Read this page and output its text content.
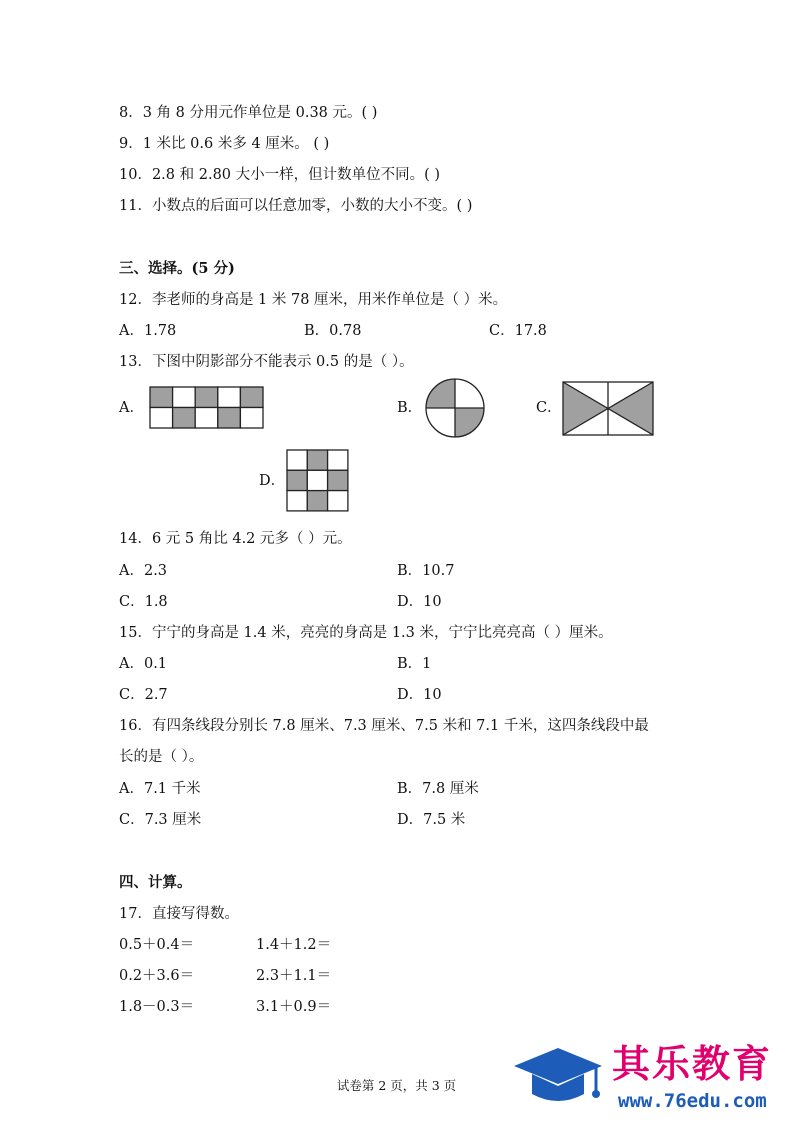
8．3 角 8 分用元作单位是 0.38 元。( )
9．1 米比 0.6 米多 4 厘米。 ( )
10．2.8 和 2.80 大小一样，但计数单位不同。( )
11．小数点的后面可以任意加零，小数的大小不变。( )
三、选择。(5 分)
12．李老师的身高是 1 米 78 厘米，用米作单位是（ ）米。
A．1.78	B．0.78	C．17.8
13．下图中阴影部分不能表示 0.5 的是（ ）。
A．	B．	C．
D．
14．6 元 5 角比 4.2 元多（ ）元。
A．2.3	B．10.7
C．1.8	D．10
15．宁宁的身高是 1.4 米，亮亮的身高是 1.3 米，宁宁比亮亮高（ ）厘米。
A．0.1	B．1
C．2.7	D．10
16．有四条线段分别长 7.8 厘米、7.3 厘米、7.5 米和 7.1 千米，这四条线段中最
长的是（ ）。
A．7.1 千米	B．7.8 厘米
C．7.3 厘米	D．7.5 米
四、计算。
17．直接写得数。
0.5＋0.4＝	1.4＋1.2＝
0.2＋3.6＝	2.3＋1.1＝
1.8－0.3＝	3.1＋0.9＝
试卷第 2 页，共 3 页	其乐教育
www.76edu.com
